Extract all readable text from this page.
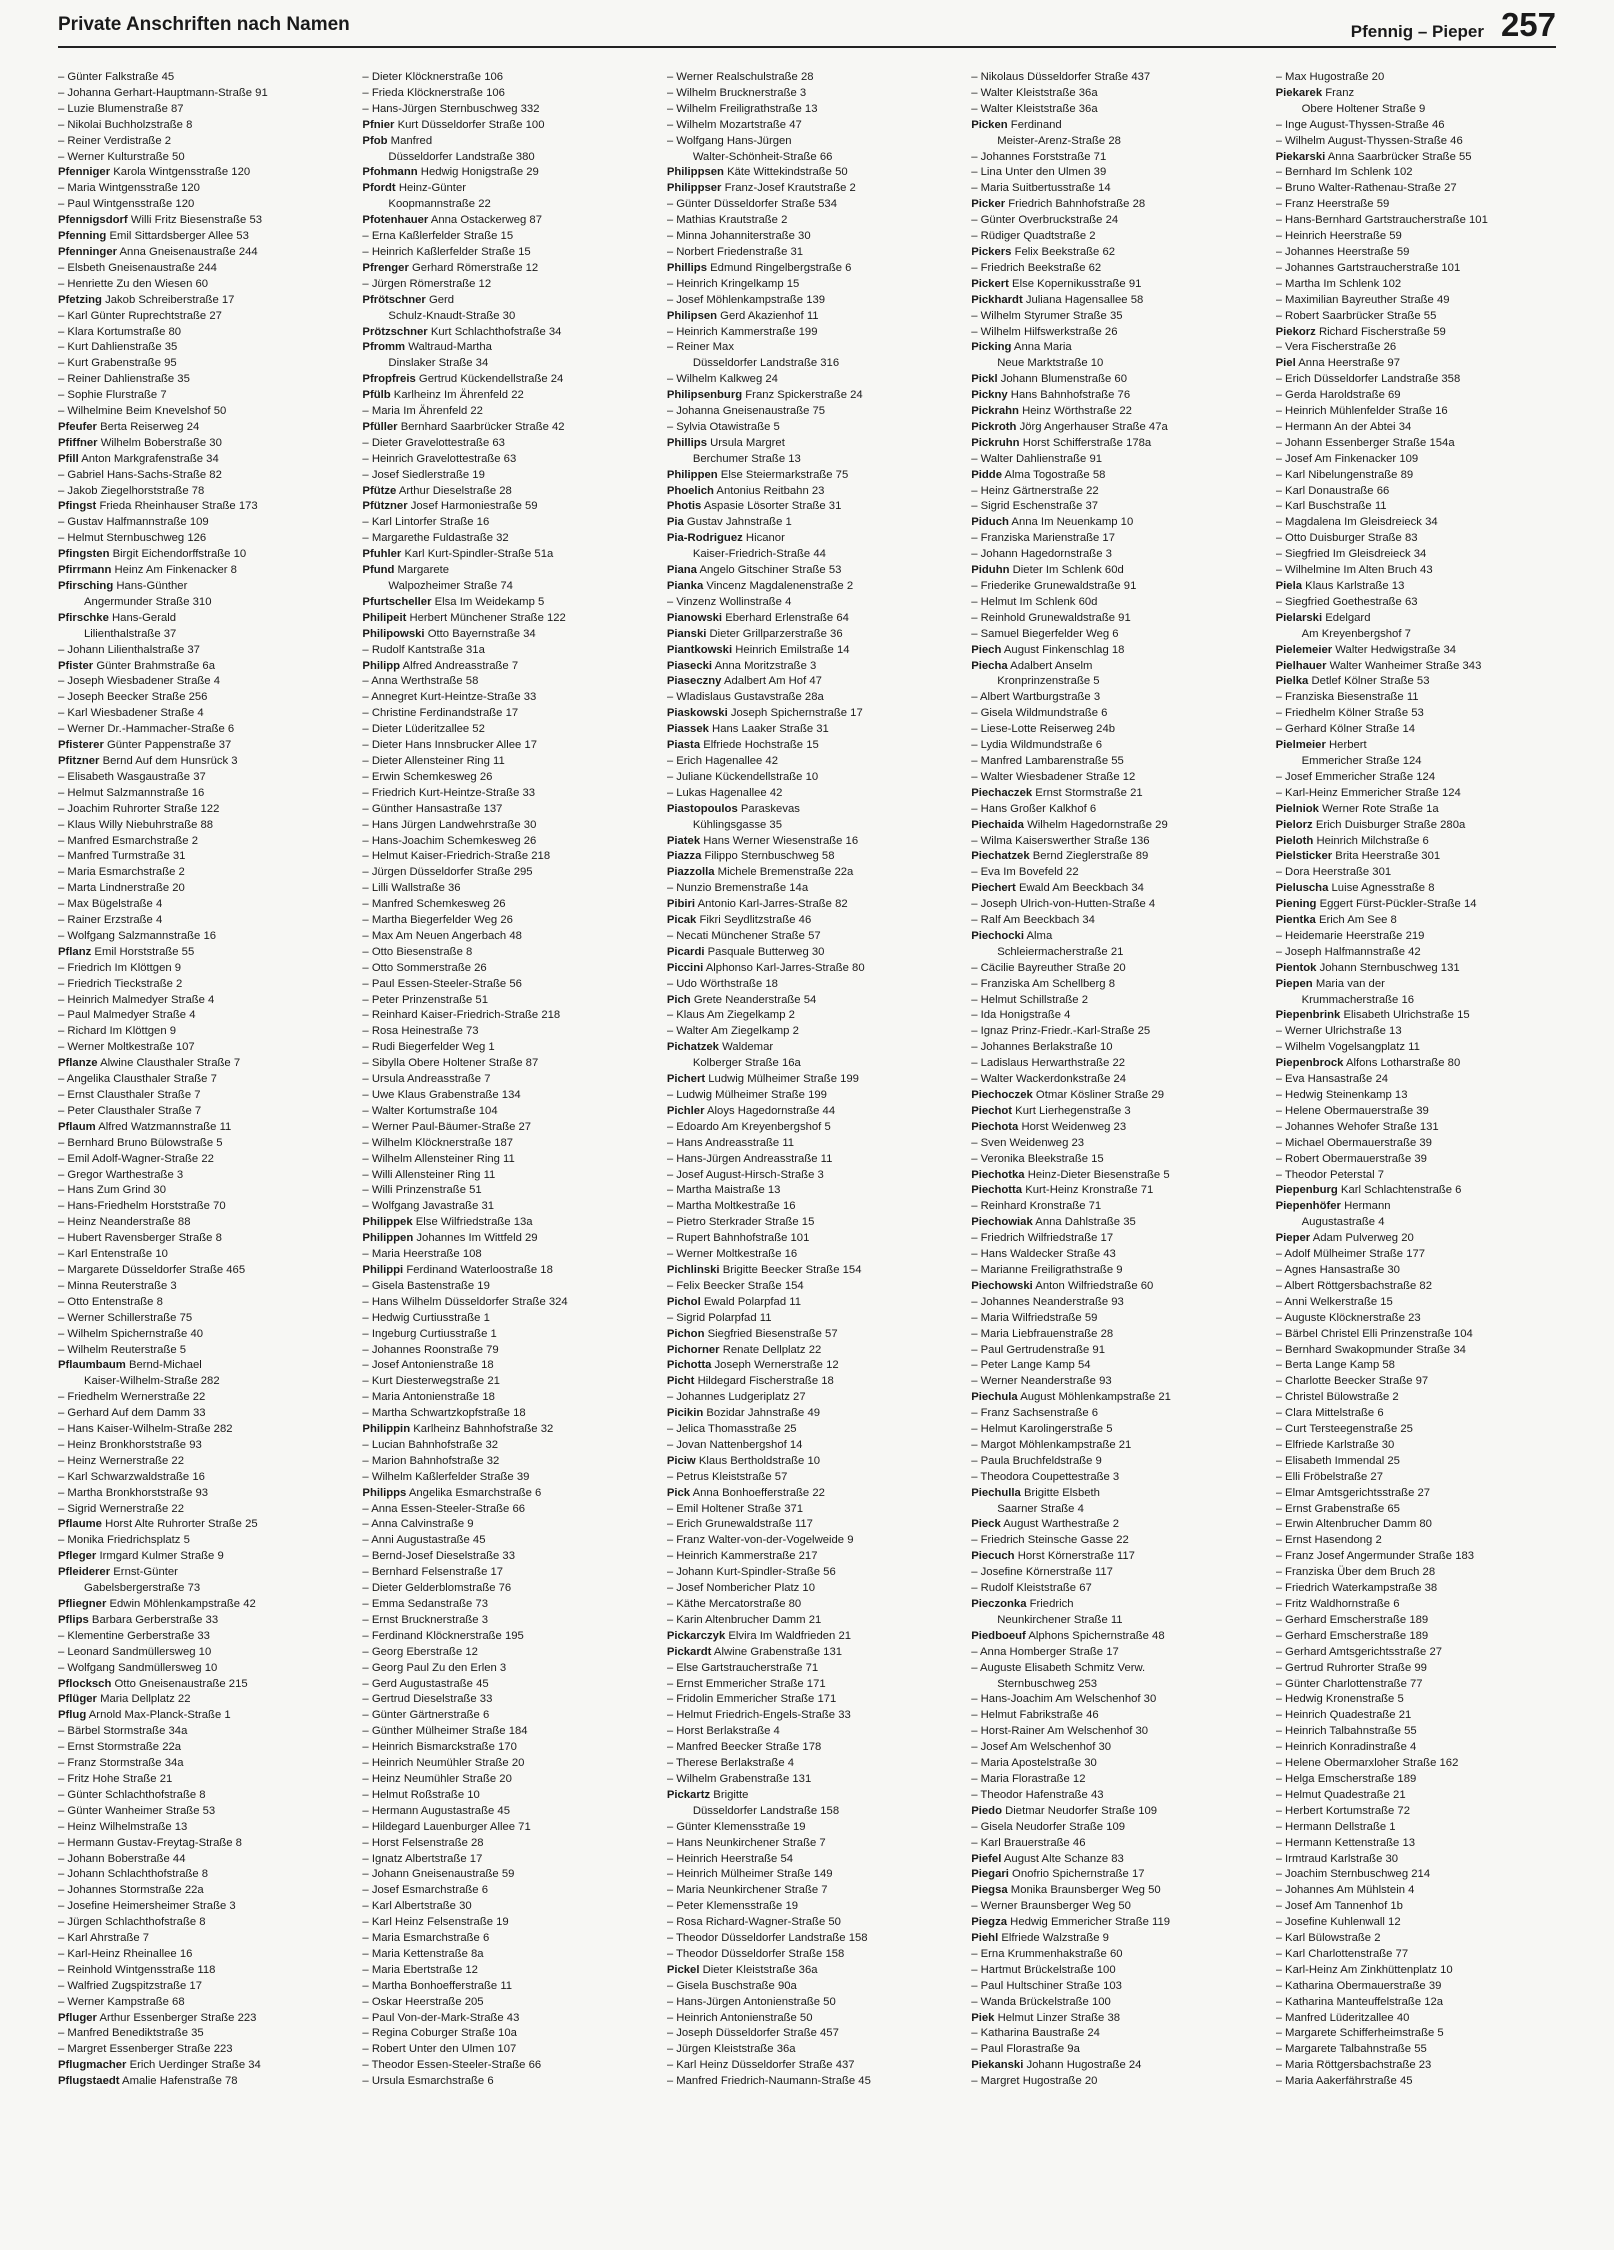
Private Anschriften nach Namen	Pfennig – Pieper 257
– Günter Falkstraße 45
– Johanna Gerhart-Hauptmann-Straße 91
– Luzie Blumenstraße 87
– Nikolai Buchholzstraße 8
– Reiner Verdistraße 2
– Werner Kulturstraße 50
Pfenniger Karola Wintgensstraße 120
– Maria Wintgensstraße 120
– Paul Wintgensstraße 120
Pfennigsdorf Willi Fritz Biesenstraße 53
Pfenning Emil Sittardsberger Allee 53
Pfenninger Anna Gneisenaustraße 244
– Elsbeth Gneisenaustraße 244
– Henriette Zu den Wiesen 60
Pfetzing Jakob Schreiberstraße 17
– Karl Günter Ruprechtstraße 27
– Klara Kortumstraße 80
– Kurt Dahlienstraße 35
– Kurt Grabenstraße 95
– Reiner Dahlienstraße 35
– Sophie Flurstraße 7
– Wilhelmine Beim Knevelshof 50
Pfeufer Berta Reiserweg 24
Pfiffner Wilhelm Boberstraße 30
Pfill Anton Markgrafenstraße 34
– Gabriel Hans-Sachs-Straße 82
– Jakob Ziegelhorststraße 78
Pfingst Frieda Rheinhauser Straße 173
– Gustav Halfmannstraße 109
– Helmut Sternbuschweg 126
Pfingsten Birgit Eichendorffstraße 10
Pfirrmann Heinz Am Finkenacker 8
Pfirsching Hans-Günther
Angermunder Straße 310
Pfirschke Hans-Gerald
Lilienthalstraße 37
– Johann Lilienthalstraße 37
Pfister Günter Brahmstraße 6a
– Joseph Wiesbadener Straße 4
– Joseph Beecker Straße 256
– Karl Wiesbadener Straße 4
– Werner Dr.-Hammacher-Straße 6
Pfisterer Günter Pappenstraße 37
Pfitzner Bernd Auf dem Hunsrück 3
– Elisabeth Wasgaustraße 37
– Helmut Salzmannstraße 16
– Joachim Ruhrorter Straße 122
– Klaus Willy Niebuhrstraße 88
– Manfred Esmarchstraße 2
– Manfred Turmstraße 31
– Maria Esmarchstraße 2
– Marta Lindnerstraße 20
– Max Bügelstraße 4
– Rainer Erzstraße 4
– Wolfgang Salzmannstraße 16
Pflanz Emil Horststraße 55
– Friedrich Im Klöttgen 9
– Friedrich Tieckstraße 2
– Heinrich Malmedyer Straße 4
– Paul Malmedyer Straße 4
– Richard Im Klöttgen 9
– Werner Moltkestraße 107
Pflanze Alwine Clausthaler Straße 7
– Angelika Clausthaler Straße 7
– Ernst Clausthaler Straße 7
– Peter Clausthaler Straße 7
Pflaum Alfred Watzmannstraße 11
– Bernhard Bruno Bülowstraße 5
– Emil Adolf-Wagner-Straße 22
– Gregor Warthestraße 3
– Hans Zum Grind 30
– Hans-Friedhelm Horststraße 70
– Heinz Neanderstraße 88
– Hubert Ravensberger Straße 8
– Karl Entenstraße 10
– Margarete Düsseldorfer Straße 465
– Minna Reuterstraße 3
– Otto Entenstraße 8
– Werner Schillerstraße 75
– Wilhelm Spichernstraße 40
– Wilhelm Reuterstraße 5
Pflaumbaum Bernd-Michael
Kaiser-Wilhelm-Straße 282
– Friedhelm Wernerstraße 22
– Gerhard Auf dem Damm 33
– Hans Kaiser-Wilhelm-Straße 282
– Heinz Bronkhorststraße 93
– Heinz Wernerstraße 22
– Karl Schwarzwaldstraße 16
– Martha Bronkhorststraße 93
– Sigrid Wernerstraße 22
Pflaume Horst Alte Ruhrorter Straße 25
– Monika Friedrichsplatz 5
Pfleger Irmgard Kulmer Straße 9
Pfleiderer Ernst-Günter
Gabelsbergerstraße 73
Pfliegner Edwin Möhlenkampstraße 42
Pflips Barbara Gerberstraße 33
– Klementine Gerberstraße 33
– Leonard Sandmüllersweg 10
– Wolfgang Sandmüllersweg 10
Pflocksch Otto Gneisenaustraße 215
Pflüger Maria Dellplatz 22
Pflug Arnold Max-Planck-Straße 1
– Bärbel Stormstraße 34a
– Ernst Stormstraße 22a
– Franz Stormstraße 34a
– Fritz Hohe Straße 21
– Günter Schlachthofstraße 8
– Günter Wanheimer Straße 53
– Heinz Wilhelmstraße 13
– Hermann Gustav-Freytag-Straße 8
– Johann Boberstraße 44
– Johann Schlachthofstraße 8
– Johannes Stormstraße 22a
– Josefine Heimersheimer Straße 3
– Jürgen Schlachthofstraße 8
– Karl Ahrstraße 7
– Karl-Heinz Rheinallee 16
– Reinhold Wintgensstraße 118
– Walfried Zugspitzstraße 17
– Werner Kampstraße 68
Pfluger Arthur Essenberger Straße 223
– Manfred Benediktstraße 35
– Margret Essenberger Straße 223
Pflugmacher Erich Uerdinger Straße 34
Pflugstaedt Amalie Hafenstraße 78
– Dieter Klöcknerstraße 106
– Frieda Klöcknerstraße 106
– Hans-Jürgen Sternbuschweg 332
Pfnier Kurt Düsseldorfer Straße 100
Pfob Manfred
Düsseldorfer Landstraße 380
Pfohmann Hedwig Honigstraße 29
Pfordt Heinz-Günter
Koopmannstraße 22
Pfotenhauer Anna Ostackerweg 87
– Erna Kaßlerfelder Straße 15
– Heinrich Kaßlerfelder Straße 15
Pfrenger Gerhard Römerstraße 12
– Jürgen Römerstraße 12
Pfrötschner Gerd
Schulz-Knaudt-Straße 30
Prötzschner Kurt Schlachthofstraße 34
Pfromm Waltraud-Martha
Dinslaker Straße 34
Pfropfreis Gertrud Kückendellstraße 24
Pfülb Karlheinz Im Ährenfeld 22
– Maria Im Ährenfeld 22
Pfüller Bernhard Saarbrücker Straße 42
– Dieter Gravelottestraße 63
– Heinrich Gravelottestraße 63
– Josef Siedlerstraße 19
Pfütze Arthur Dieselstraße 28
Pfützner Josef Harmoniestraße 59
– Karl Lintorfer Straße 16
– Margarethe Fuldastraße 32
Pfuhler Karl Kurt-Spindler-Straße 51a
Pfund Margarete
Walpozheimer Straße 74
Pfurtscheller Elsa Im Weidekamp 5
Philipeit Herbert Münchener Straße 122
Philipowski Otto Bayernstraße 34
– Rudolf Kantstraße 31a
Philipp Alfred Andreasstraße 7
– Anna Werthstraße 58
– Annegret Kurt-Heintze-Straße 33
– Christine Ferdinandstraße 17
– Dieter Lüderitzallee 52
– Dieter Hans Innsbrucker Allee 17
– Dieter Allensteiner Ring 11
– Erwin Schemkesweg 26
– Friedrich Kurt-Heintze-Straße 33
– Günther Hansastraße 137
– Hans Jürgen Landwehrstraße 30
– Hans-Joachim Schemkesweg 26
– Helmut Kaiser-Friedrich-Straße 218
– Jürgen Düsseldorfer Straße 295
– Lilli Wallstraße 36
– Manfred Schemkesweg 26
– Martha Biegerfelder Weg 26
– Max Am Neuen Angerbach 48
– Otto Biesenstraße 8
– Otto Sommerstraße 26
– Paul Essen-Steeler-Straße 56
– Peter Prinzenstraße 51
– Reinhard Kaiser-Friedrich-Straße 218
– Rosa Heinestraße 73
– Rudi Biegerfelder Weg 1
– Sibylla Obere Holtener Straße 87
– Ursula Andreasstraße 7
– Uwe Klaus Grabenstraße 134
– Walter Kortumstraße 104
– Werner Paul-Bäumer-Straße 27
– Wilhelm Klöcknerstraße 187
– Wilhelm Allensteiner Ring 11
– Willi Allensteiner Ring 11
– Willi Prinzenstraße 51
– Wolfgang Javastraße 31
Philippek Else Wilfriedstraße 13a
Philippen Johannes Im Wittfeld 29
– Maria Heerstraße 108
Philippi Ferdinand Waterloostraße 18
– Gisela Bastenstraße 19
– Hans Wilhelm Düsseldorfer Straße 324
– Hedwig Curtiusstraße 1
– Ingeburg Curtiusstraße 1
– Johannes Roonstraße 79
– Josef Antonienstraße 18
– Kurt Diesterwegstraße 21
– Maria Antonienstraße 18
– Martha Schwartzkopfstraße 18
Philippin Karlheinz Bahnhofstraße 32
– Lucian Bahnhofstraße 32
– Marion Bahnhofstraße 32
– Wilhelm Kaßlerfelder Straße 39
Philipps Angelika Esmarchstraße 6
– Anna Essen-Steeler-Straße 66
– Anna Calvinstraße 9
– Anni Augustastraße 45
– Bernd-Josef Dieselstraße 33
– Bernhard Felsenstraße 17
– Dieter Gelderblomstraße 76
– Emma Sedanstraße 73
– Ernst Brucknerstraße 3
– Ferdinand Klöcknerstraße 195
– Georg Eberstraße 12
– Georg Paul Zu den Erlen 3
– Gerd Augustastraße 45
– Gertrud Dieselstraße 33
– Günter Gärtnerstraße 6
– Günther Mülheimer Straße 184
– Heinrich Bismarckstraße 170
– Heinrich Neumühler Straße 20
– Heinz Neumühler Straße 20
– Helmut Roßstraße 10
– Hermann Augustastraße 45
– Hildegard Lauenburger Allee 71
– Horst Felsenstraße 28
– Ignatz Albertstraße 17
– Johann Gneisenaustraße 59
– Josef Esmarchstraße 6
– Karl Albertstraße 30
– Karl Heinz Felsenstraße 19
– Maria Esmarchstraße 6
– Maria Kettenstraße 8a
– Maria Ebertstraße 12
– Martha Bonhoefferstraße 11
– Oskar Heerstraße 205
– Paul Von-der-Mark-Straße 43
– Regina Coburger Straße 10a
– Robert Unter den Ulmen 107
– Theodor Essen-Steeler-Straße 66
– Ursula Esmarchstraße 6
– Werner Realschulstraße 28
– Wilhelm Brucknerstraße 3
– Wilhelm Freiligrathstraße 13
– Wilhelm Mozartstraße 47
– Wolfgang Hans-Jürgen
Walter-Schönheit-Straße 66
Philippsen Käte Wittekindstraße 50
Philippser Franz-Josef Krautstraße 2
– Günter Düsseldorfer Straße 534
– Mathias Krautstraße 2
– Minna Johanniterstraße 30
– Norbert Friedenstraße 31
Phillips Edmund Ringelbergstraße 6
– Heinrich Kringelkamp 15
– Josef Möhlenkampstraße 139
Philipsen Gerd Akazienhof 11
– Heinrich Kammerstraße 199
– Reiner Max
Düsseldorfer Landstraße 316
– Wilhelm Kalkweg 24
Philipsenburg Franz Spickerstraße 24
– Johanna Gneisenaustraße 75
– Sylvia Otawistraße 5
Phillips Ursula Margret
Berchumer Straße 13
Philippen Else Steiermarkstraße 75
Phoelich Antonius Reitbahn 23
Photis Aspasie Lösorter Straße 31
Pia Gustav Jahnstraße 1
Pia-Rodriguez Hicanor
Kaiser-Friedrich-Straße 44
Piana Angelo Gitschiner Straße 53
Pianka Vincenz Magdalenenstraße 2
– Vinzenz Wollinstraße 4
Pianowski Eberhard Erlenstraße 64
Pianski Dieter Grillparzerstraße 36
Piantkowski Heinrich Emilstraße 14
Piasecki Anna Moritzstraße 3
Piaseczny Adalbert Am Hof 47
– Wladislaus Gustavstraße 28a
Piaskowski Joseph Spichernstraße 17
Piassek Hans Laaker Straße 31
Piasta Elfriede Hochstraße 15
– Erich Hagenallee 42
– Juliane Kückendellstraße 10
– Lukas Hagenallee 42
Piastopoulos Paraskevas
Kühlingsgasse 35
Piatek Hans Werner Wiesenstraße 16
Piazza Filippo Sternbuschweg 58
Piazzolla Michele Bremenstraße 22a
– Nunzio Bremenstraße 14a
Pibiri Antonio Karl-Jarres-Straße 82
Picak Fikri Seydlitzstraße 46
– Necati Münchener Straße 57
Picardi Pasquale Butterweg 30
Piccini Alphonso Karl-Jarres-Straße 80
– Udo Wörthstraße 18
Pich Grete Neanderstraße 54
– Klaus Am Ziegelkamp 2
– Walter Am Ziegelkamp 2
Pichatzek Waldemar
Kolberger Straße 16a
Pichert Ludwig Mülheimer Straße 199
– Ludwig Mülheimer Straße 199
Pichler Aloys Hagedornstraße 44
– Edoardo Am Kreyenbergshof 5
– Hans Andreasstraße 11
– Hans-Jürgen Andreasstraße 11
– Josef August-Hirsch-Straße 3
– Martha Maistraße 13
– Martha Moltkestraße 16
– Pietro Sterkrader Straße 15
– Rupert Bahnhofstraße 101
– Werner Moltkestraße 16
Pichlinski Brigitte Beecker Straße 154
– Felix Beecker Straße 154
Pichol Ewald Polarpfad 11
– Sigrid Polarpfad 11
Pichon Siegfried Biesenstraße 57
Pichorner Renate Dellplatz 22
Pichotta Joseph Wernerstraße 12
Picht Hildegard Fischerstraße 18
– Johannes Ludgeriplatz 27
Picikin Bozidar Jahnstraße 49
– Jelica Thomasstraße 25
– Jovan Nattenbergshof 14
Piciw Klaus Bertholdstraße 10
– Petrus Kleiststraße 57
Pick Anna Bonhoefferstraße 22
– Emil Holtener Straße 371
– Erich Grunewaldstraße 117
– Franz Walter-von-der-Vogelweide 9
– Heinrich Kammerstraße 217
– Johann Kurt-Spindler-Straße 56
– Josef Nombericher Platz 10
– Käthe Mercatorstraße 80
– Karin Altenbrucher Damm 21
Pickarczyk Elvira Im Waldfrieden 21
Pickardt Alwine Grabenstraße 131
– Else Gartstraucherstraße 71
– Ernst Emmericher Straße 171
– Fridolin Emmericher Straße 171
– Helmut Friedrich-Engels-Straße 33
– Horst Berlakstraße 4
– Manfred Beecker Straße 178
– Therese Berlakstraße 4
– Wilhelm Grabenstraße 131
Pickartz Brigitte
Düsseldorfer Landstraße 158
– Günter Klemensstraße 19
– Hans Neunkirchener Straße 7
– Heinrich Heerstraße 54
– Heinrich Mülheimer Straße 149
– Maria Neunkirchener Straße 7
– Peter Klemensstraße 19
– Rosa Richard-Wagner-Straße 50
– Theodor Düsseldorfer Landstraße 158
– Theodor Düsseldorfer Straße 158
Pickel Dieter Kleiststraße 36a
– Gisela Buschstraße 90a
– Hans-Jürgen Antonienstraße 50
– Heinrich Antonienstraße 50
– Joseph Düsseldorfer Straße 457
– Jürgen Kleiststraße 36a
– Karl Heinz Düsseldorfer Straße 437
– Manfred Friedrich-Naumann-Straße 45
– Nikolaus Düsseldorfer Straße 437
– Walter Kleiststraße 36a
– Walter Kleiststraße 36a
Picken Ferdinand
Meister-Arenz-Straße 28
– Johannes Forststraße 71
– Lina Unter den Ulmen 39
– Maria Suitbertusstraße 14
Picker Friedrich Bahnhofstraße 28
– Günter Overbruckstraße 24
– Rüdiger Quadtstraße 2
Pickers Felix Beekstraße 62
– Friedrich Beekstraße 62
Pickert Else Kopernikusstraße 91
Pickhardt Juliana Hagensallee 58
– Wilhelm Styrumer Straße 35
– Wilhelm Hilfswerkstraße 26
Picking Anna Maria
Neue Marktstraße 10
Pickl Johann Blumenstraße 60
Pickny Hans Bahnhofstraße 76
Pickrahn Heinz Wörthstraße 22
Pickroth Jörg Angerhauser Straße 47a
Pickruhn Horst Schifferstraße 178a
– Walter Dahlienstraße 91
Pidde Alma Togostraße 58
– Heinz Gärtnerstraße 22
– Sigrid Eschenstraße 37
Piduch Anna Im Neuenkamp 10
– Franziska Marienstraße 17
– Johann Hagedornstraße 3
Piduhn Dieter Im Schlenk 60d
– Friederike Grunewaldstraße 91
– Helmut Im Schlenk 60d
– Reinhold Grunewaldstraße 91
– Samuel Biegerfelder Weg 6
Piech August Finkenschlag 18
Piecha Adalbert Anselm
Kronprinzenstraße 5
– Albert Wartburgstraße 3
– Gisela Wildmundstraße 6
– Liese-Lotte Reiserweg 24b
– Lydia Wildmundstraße 6
– Manfred Lambarenstraße 55
– Walter Wiesbadener Straße 12
Piechaczek Ernst Stormstraße 21
– Hans Großer Kalkhof 6
Piechaida Wilhelm Hagedornstraße 29
– Wilma Kaiserswerther Straße 136
Piechatzek Bernd Zieglerstraße 89
– Eva Im Bovefeld 22
Piechert Ewald Am Beeckbach 34
– Joseph Ulrich-von-Hutten-Straße 4
– Ralf Am Beeckbach 34
Piechocki Alma
Schleiermacherstraße 21
– Cäcilie Bayreuther Straße 20
– Franziska Am Schellberg 8
– Helmut Schillstraße 2
– Ida Honigstraße 4
– Ignaz Prinz-Friedr.-Karl-Straße 25
– Johannes Berlakstraße 10
– Ladislaus Herwarthstraße 22
– Walter Wackerdonkstraße 24
Piechoczek Otmar Kösliner Straße 29
Piechot Kurt Lierhegenstraße 3
Piechota Horst Weidenweg 23
– Sven Weidenweg 23
– Veronika Bleekstraße 15
Piechotka Heinz-Dieter Biesenstraße 5
Piechotta Kurt-Heinz Kronstraße 71
– Reinhard Kronstraße 71
Piechowiak Anna Dahlstraße 35
– Friedrich Wilfriedstraße 17
– Hans Waldecker Straße 43
– Marianne Freiligrathstraße 9
Piechowski Anton Wilfriedstraße 60
– Johannes Neanderstraße 93
– Maria Wilfriedstraße 59
– Maria Liebfrauenstraße 28
– Paul Gertrudenstraße 91
– Peter Lange Kamp 54
– Werner Neanderstraße 93
Piechula August Möhlenkampstraße 21
– Franz Sachsenstraße 6
– Helmut Karolingerstraße 5
– Margot Möhlenkampstraße 21
– Paula Bruchfeldstraße 9
– Theodora Coupettestraße 3
Piechulla Brigitte Elsbeth
Saarner Straße 4
Pieck August Warthestraße 2
– Friedrich Steinsche Gasse 22
Piecuch Horst Körnerstraße 117
– Josefine Körnerstraße 117
– Rudolf Kleiststraße 67
Pieczonka Friedrich
Neunkirchener Straße 11
Piedboeuf Alphons Spichernstraße 48
– Anna Homberger Straße 17
– Auguste Elisabeth Schmitz Verw.
Sternbuschweg 253
– Hans-Joachim Am Welschenhof 30
– Helmut Fabrikstraße 46
– Horst-Rainer Am Welschenhof 30
– Josef Am Welschenhof 30
– Maria Apostelstraße 30
– Maria Florastraße 12
– Theodor Hafenstraße 43
Piedo Dietmar Neudorfer Straße 109
– Gisela Neudorfer Straße 109
– Karl Brauerstraße 46
Piefel August Alte Schanze 83
Piegari Onofrio Spichernstraße 17
Piegsa Monika Braunsberger Weg 50
– Werner Braunsberger Weg 50
Piegza Hedwig Emmericher Straße 119
Piehl Elfriede Walzstraße 9
– Erna Krummenhakstraße 60
– Hartmut Brückelstraße 100
– Paul Hultschiner Straße 103
– Wanda Brückelstraße 100
Piek Helmut Linzer Straße 38
– Katharina Baustraße 24
– Paul Florastraße 9a
Piekanski Johann Hugostraße 24
– Margret Hugostraße 20
– Max Hugostraße 20
Piekarek Franz
Obere Holtener Straße 9
– Inge August-Thyssen-Straße 46
– Wilhelm August-Thyssen-Straße 46
Piekarski Anna Saarbrücker Straße 55
– Bernhard Im Schlenk 102
– Bruno Walter-Rathenau-Straße 27
– Franz Heerstraße 59
– Hans-Bernhard Gartstraucherstraße 101
– Heinrich Heerstraße 59
– Johannes Heerstraße 59
– Johannes Gartstraucherstraße 101
– Martha Im Schlenk 102
– Maximilian Bayreuther Straße 49
– Robert Saarbrücker Straße 55
Piekorz Richard Fischerstraße 59
– Vera Fischerstraße 26
Piel Anna Heerstraße 97
– Erich Düsseldorfer Landstraße 358
– Gerda Haroldstraße 69
– Heinrich Mühlenfelder Straße 16
– Hermann An der Abtei 34
– Johann Essenberger Straße 154a
– Josef Am Finkenacker 109
– Karl Nibelungenstraße 89
– Karl Donaustraße 66
– Karl Buschstraße 11
– Magdalena Im Gleisdreieck 34
– Otto Duisburger Straße 83
– Siegfried Im Gleisdreieck 34
– Wilhelmine Im Alten Bruch 43
Piela Klaus Karlstraße 13
– Siegfried Goethestraße 63
Pielarski Edelgard
Am Kreyenbergshof 7
Pielemeier Walter Hedwigstraße 34
Pielhauer Walter Wanheimer Straße 343
Pielka Detlef Kölner Straße 53
– Franziska Biesenstraße 11
– Friedhelm Kölner Straße 53
– Gerhard Kölner Straße 14
Pielmeier Herbert
Emmericher Straße 124
– Josef Emmericher Straße 124
– Karl-Heinz Emmericher Straße 124
Pielniok Werner Rote Straße 1a
Pielorz Erich Duisburger Straße 280a
Pieloth Heinrich Milchstraße 6
Pielsticker Brita Heerstraße 301
– Dora Heerstraße 301
Pieluscha Luise Agnesstraße 8
Piening Eggert Fürst-Pückler-Straße 14
Pientka Erich Am See 8
– Heidemarie Heerstraße 219
– Joseph Halfmannstraße 42
Pientok Johann Sternbuschweg 131
Piepen Maria van der
Krummacherstraße 16
Piepenbrink Elisabeth Ulrichstraße 15
– Werner Ulrichstraße 13
– Wilhelm Vogelsangplatz 11
Piepenbrock Alfons Lotharstraße 80
– Eva Hansastraße 24
– Hedwig Steinenkamp 13
– Helene Obermauerstraße 39
– Johannes Wehofer Straße 131
– Michael Obermauerstraße 39
– Robert Obermauerstraße 39
– Theodor Peterstal 7
Piepenburg Karl Schlachtenstraße 6
Piepenhöfer Hermann
Augustastraße 4
Pieper Adam Pulverweg 20
– Adolf Mülheimer Straße 177
– Agnes Hansastraße 30
– Albert Röttgersbachstraße 82
– Anni Welkerstraße 15
– Auguste Klöcknerstraße 23
– Bärbel Christel Elli Prinzenstraße 104
– Bernhard Swakopmunder Straße 34
– Berta Lange Kamp 58
– Charlotte Beecker Straße 97
– Christel Bülowstraße 2
– Clara Mittelstraße 6
– Curt Tersteegenstraße 25
– Elfriede Karlstraße 30
– Elisabeth Immendal 25
– Elli Fröbelstraße 27
– Elmar Amtsgerichtsstraße 27
– Ernst Grabenstraße 65
– Erwin Altenbrucher Damm 80
– Ernst Hasendong 2
– Franz Josef Angermunder Straße 183
– Franziska Über dem Bruch 28
– Friedrich Waterkampstraße 38
– Fritz Waldhornstraße 6
– Gerhard Emscherstraße 189
– Gerhard Emscherstraße 189
– Gerhard Amtsgerichtsstraße 27
– Gertrud Ruhrorter Straße 99
– Günter Charlottenstraße 77
– Hedwig Kronenstraße 5
– Heinrich Quadestraße 21
– Heinrich Talbahnstraße 55
– Heinrich Konradinstraße 4
– Helene Obermarxloher Straße 162
– Helga Emscherstraße 189
– Helmut Quadestraße 21
– Herbert Kortumstraße 72
– Hermann Dellstraße 1
– Hermann Kettenstraße 13
– Irmtraud Karlstraße 30
– Joachim Sternbuschweg 214
– Johannes Am Mühlstein 4
– Josef Am Tannenhof 1b
– Josefine Kuhlenwall 12
– Karl Bülowstraße 2
– Karl Charlottenstraße 77
– Karl-Heinz Am Zinkhüttenplatz 10
– Katharina Obermauerstraße 39
– Katharina Manteuffelstraße 12a
– Manfred Lüderitzallee 40
– Margarete Schifferheimstraße 5
– Margarete Talbahnstraße 55
– Maria Röttgersbachstraße 23
– Maria Aakerfährstraße 45
